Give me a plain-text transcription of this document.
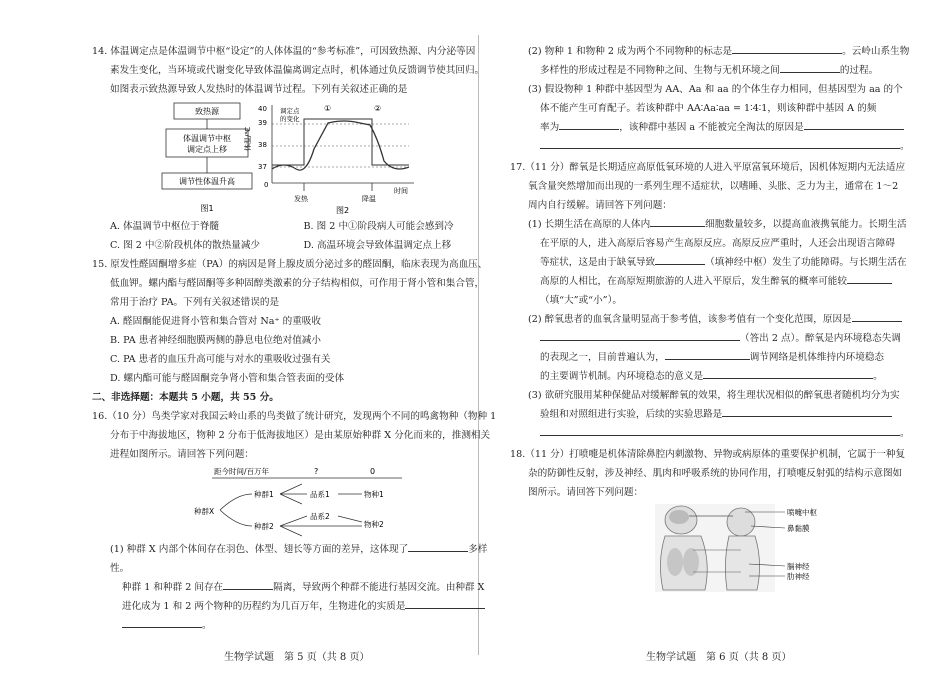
14. 体温调定点是体温调节中枢“设定”的人体体温的“参考标准”，可因致热源、内分泌等因

素发生变化，当环境或代谢变化导致体温偏离调定点时，机体通过负反馈调节使其回归。

如图表示致热源导致人发热时的体温调节过程。下列有关叙述正确的是

致热源
体温调节中枢
调定点上移
调节性体温升高
图1
体温/℃
40
39
38
37
0
调定点
的变化
①	②
发热	降温
时间
图2
A. 体温调节中枢位于脊髓	B. 图 2 中①阶段病人可能会感到冷
C. 图 2 中②阶段机体的散热量减少	D. 高温环境会导致体温调定点上移

15. 原发性醛固酮增多症（PA）的病因是肾上腺皮质分泌过多的醛固酮，临床表现为高血压、

低血钾。螺内酯与醛固酮等多种固醇类激素的分子结构相似，可作用于肾小管和集合管，

常用于治疗 PA。下列有关叙述错误的是

A. 醛固酮能促进肾小管和集合管对 Na⁺ 的重吸收

B. PA 患者神经细胞膜两侧的静息电位绝对值减小

C. PA 患者的血压升高可能与对水的重吸收过强有关

D. 螺内酯可能与醛固酮竞争肾小管和集合管表面的受体

二、非选择题：本题共 5 小题，共 55 分。

16.（10 分）鸟类学家对我国云岭山系的鸟类做了统计研究，发现两个不同的鸣禽物种（物种 1

分布于中海拔地区，物种 2 分布于低海拔地区）是由某原始种群 X 分化而来的，推测相关

进程如图所示。请回答下列问题：

距今时间/百万年	?	0
种群X
种群1
种群2
品系1
品系2
物种1
物种2

(1) 种群 X 内部个体间存在羽色、体型、翅长等方面的差异，这体现了	多样性。

种群 1 和种群 2 间存在	隔离，导致两个种群不能进行基因交流。由种群 X

进化成为 1 和 2 两个物种的历程约为几百万年，生物进化的实质是

。

生物学试题　第 5 页（共 8 页）

(2) 物种 1 和物种 2 成为两个不同物种的标志是	。云岭山系生物

多样性的形成过程是不同物种之间、生物与无机环境之间	的过程。

(3) 假设物种 1 种群中基因型为 AA、Aa 和 aa 的个体生存力相同，但基因型为 aa 的个

体不能产生可育配子。若该种群中 AA∶Aa∶aa = 1∶4∶1，则该种群中基因 A 的频

率为	，该种群中基因 a 不能被完全淘汰的原因是

。

17.（11 分）醉氧是长期适应高原低氧环境的人进入平原富氧环境后，因机体短期内无法适应

氧含量突然增加而出现的一系列生理不适症状，以嗜睡、头胀、乏力为主，通常在 1～2

周内自行缓解。请回答下列问题：

(1) 长期生活在高原的人体内	细胞数量较多，以提高血液携氧能力。长期生活

在平原的人，进入高原后容易产生高原反应。高原反应严重时，人还会出现语言障碍

等症状，这是由于缺氧导致	（填神经中枢）发生了功能障碍。与长期生活在

高原的人相比，在高原短期旅游的人进入平原后，发生醉氧的概率可能较

（填“大”或“小”）。

(2) 醉氧患者的血氧含量明显高于参考值，该参考值有一个变化范围，原因是

（答出 2 点）。醉氧是内环境稳态失调

的表现之一，目前普遍认为，	调节网络是机体维持内环境稳态

的主要调节机制。内环境稳态的意义是	。

(3) 欲研究服用某种保健品对缓解醉氧的效果，将生理状况相似的醉氧患者随机均分为实

验组和对照组进行实验，后续的实验思路是

。

18.（11 分）打喷嚏是机体清除鼻腔内刺激物、异物或病原体的重要保护机制，它属于一种复

杂的防御性反射，涉及神经、肌肉和呼吸系统的协同作用，打喷嚏反射弧的结构示意图如

图所示。请回答下列问题：

喷嚏中枢
鼻黏膜
膈神经
肋神经
生物学试题　第 6 页（共 8 页）
